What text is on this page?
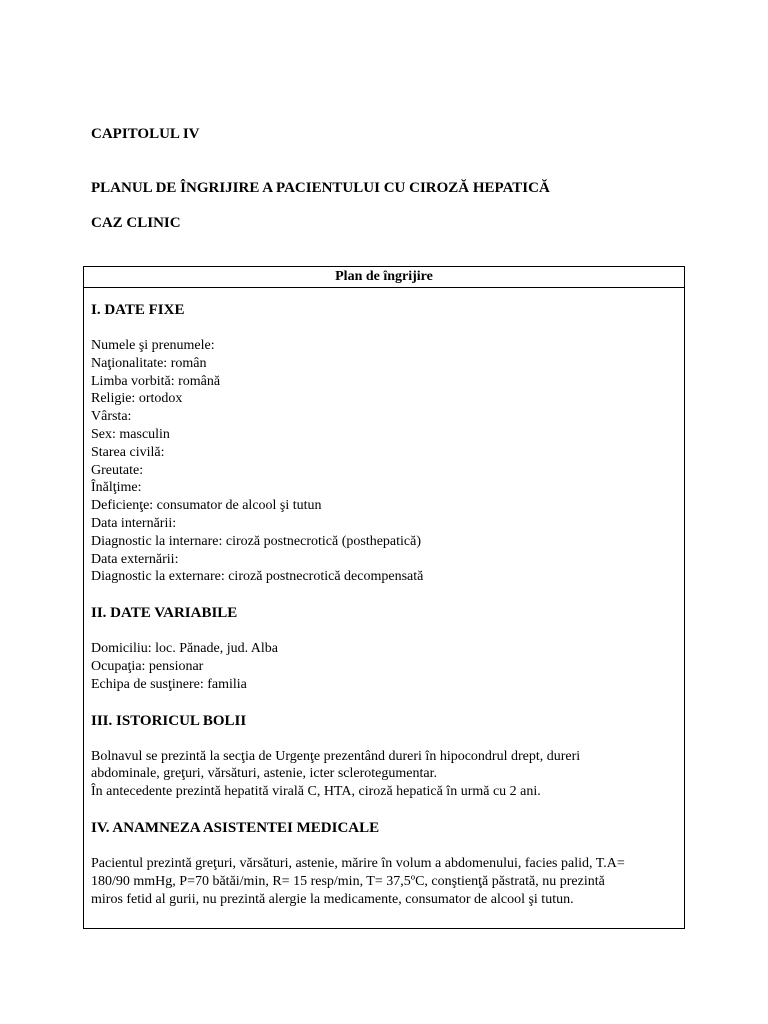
CAPITOLUL IV
PLANUL DE ÎNGRIJIRE A PACIENTULUI CU CIROZĂ HEPATICĂ
CAZ CLINIC
Plan de îngrijire
I. DATE FIXE
Numele şi prenumele:
Naţionalitate: român
Limba vorbită: română
Religie: ortodox
Vârsta:
Sex: masculin
Starea civilă:
Greutate:
Înălţime:
Deficienţe: consumator de alcool şi tutun
Data internării:
Diagnostic la internare: ciroză postnecrotică (posthepatică)
Data externării:
Diagnostic la externare: ciroză postnecrotică decompensată
II. DATE VARIABILE
Domiciliu: loc. Pănade, jud. Alba
Ocupaţia: pensionar
Echipa de susţinere: familia
III. ISTORICUL BOLII
Bolnavul se prezintă la secţia de Urgenţe prezentând dureri în hipocondrul drept, dureri
abdominale, greţuri, vărsături, astenie, icter sclerotegumentar.
În antecedente prezintă hepatită virală C, HTA, ciroză hepatică în urmă cu 2 ani.
IV. ANAMNEZA ASISTENTEI MEDICALE
Pacientul prezintă greţuri, vărsături, astenie, mărire în volum a abdomenului, facies palid, T.A=
180/90 mmHg, P=70 bătăi/min, R= 15 resp/min, T= 37,5ºC, conştienţă păstrată, nu prezintă
miros fetid al gurii, nu prezintă alergie la medicamente, consumator de alcool şi tutun.
